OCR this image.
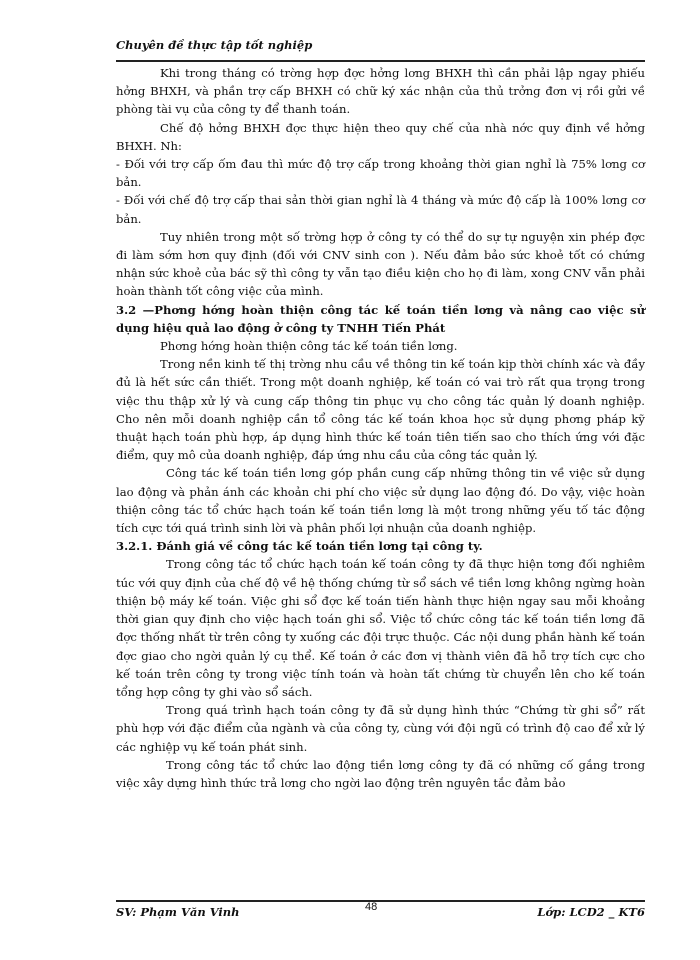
Chuyên đề thực tập tốt nghiệp

Khi trong tháng có trờng hợp đợc hởng lơng BHXH thì cần phải lập ngay phiếu hởng BHXH, và phần trợ cấp BHXH có chữ ký xác nhận của thủ trởng đơn vị rồi gửi về phòng tài vụ của công ty để thanh toán.

Chế độ hởng BHXH đợc thực hiện theo quy chế của nhà nớc quy định về hởng BHXH. Nh:

- Đối với trợ cấp ốm đau thì mức độ trợ cấp trong khoảng thời gian nghỉ là 75% lơng cơ bản.

- Đối với chế độ trợ cấp thai sản thời gian nghỉ là 4 tháng và mức độ cấp là 100% lơng cơ bản.

Tuy nhiên trong một số trờng hợp ở công ty có thể do sự tự nguyện xin phép đợc đi làm sớm hơn quy định (đối với CNV sinh con ). Nếu đảm bảo sức khoẻ tốt có chứng nhận sức khoẻ của bác sỹ thì công ty vẫn tạo điều kiện cho họ đi làm, xong CNV vẫn phải hoàn thành tốt công việc của mình.

3.2 —Phơng hớng hoàn thiện công tác kế toán tiền lơng và nâng cao việc sử dụng hiệu quả lao động ở công ty TNHH Tiến Phát

Phơng hớng hoàn thiện công tác kế toán tiền lơng.

Trong nền kinh tế thị trờng nhu cầu về thông tin kế toán kịp thời chính xác và đầy đủ là hết sức cần thiết. Trong một doanh nghiệp, kế toán có vai trò rất qua trọng trong việc thu thập xử lý và cung cấp thông tin phục vụ cho công tác quản lý doanh nghiệp. Cho nên mỗi doanh nghiệp cần tổ công tác kế toán khoa học sử dụng phơng pháp kỹ thuật hạch toán phù hợp, áp dụng hình thức kế toán tiên tiến sao cho thích ứng với đặc điểm, quy mô của doanh nghiệp, đáp ứng nhu cầu của công tác quản lý.

Công tác kế toán tiền lơng góp phần cung cấp những thông tin về việc sử dụng lao động và phản ánh các khoản chi phí cho việc sử dụng lao động đó. Do vậy, việc hoàn thiện công tác tổ chức hạch toán kế toán tiền lơng là một trong những yếu tố tác động tích cực tới quá trình sinh lời và phân phối lợi nhuận của doanh nghiệp.

3.2.1. Đánh giá về công tác kế toán tiền lơng tại công ty.

Trong công tác tổ chức hạch toán kế toán công ty đã thực hiện tơng đối nghiêm túc với quy định của chế độ về hệ thống chứng từ sổ sách về tiền lơng không ngừng hoàn thiện bộ máy kế toán. Việc ghi sổ đợc kế toán tiến hành thực hiện ngay sau mỗi khoảng thời gian quy định cho việc hạch toán ghi sổ. Việc tổ chức công tác kế toán tiền lơng đã đợc thống nhất từ trên công ty xuống các đội trực thuộc. Các nội dung phần hành kế toán đợc giao cho ngời quản lý cụ thể. Kế toán ở các đơn vị thành viên đã hỗ trợ tích cực cho kế toán trên công ty trong việc tính toán và hoàn tất chứng từ chuyển lên cho kế toán tổng hợp công ty ghi vào sổ sách.

Trong quá trình hạch toán công ty đã sử dụng hình thức “Chứng từ ghi sổ” rất phù hợp với đặc điểm của ngành và của công ty, cùng với đội ngũ có trình độ cao để xử lý các nghiệp vụ kế toán phát sinh.

Trong công tác tổ chức lao động tiền lơng công ty đã có những cố gắng trong việc xây dựng hình thức trả lơng cho ngời lao động trên nguyên tắc đảm bảo

SV: Phạm Văn Vinh	48	Lớp: LCD2 _ KT6
